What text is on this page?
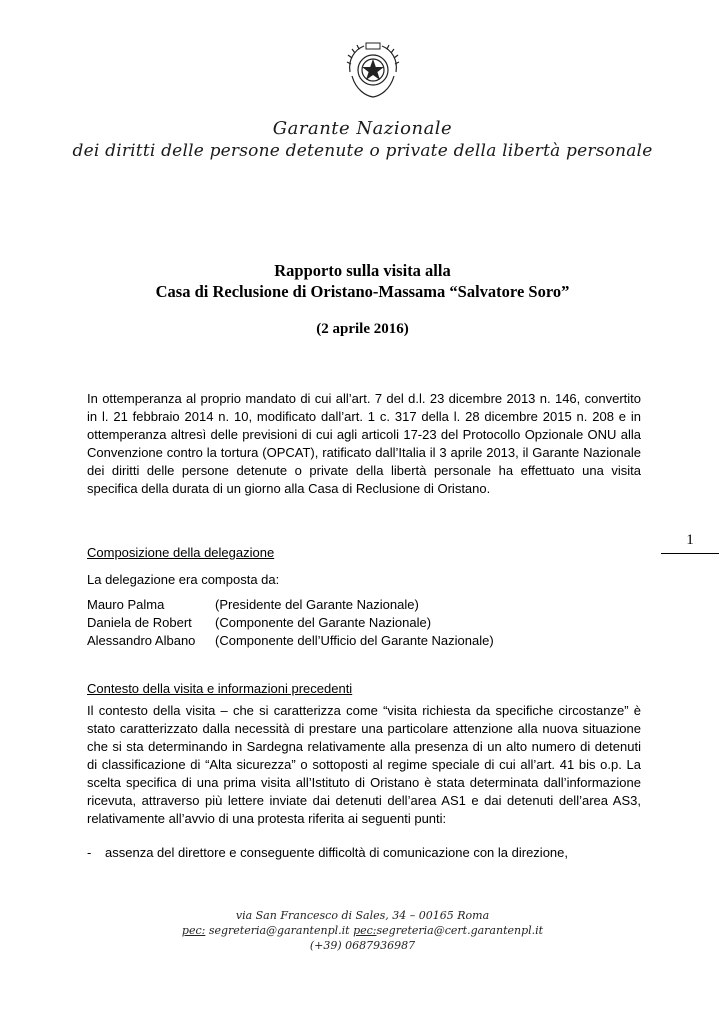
Garante Nazionale
dei diritti delle persone detenute o private della libertà personale
Rapporto sulla visita alla
Casa di Reclusione di Oristano-Massama “Salvatore Soro”
(2 aprile 2016)

In ottemperanza al proprio mandato di cui all’art. 7 del d.l. 23 dicembre 2013 n. 146, convertito in l. 21 febbraio 2014 n. 10, modificato dall’art. 1 c. 317 della l. 28 dicembre 2015 n. 208 e in ottemperanza altresì delle previsioni di cui agli articoli 17-23 del Protocollo Opzionale ONU alla Convenzione contro la tortura (OPCAT), ratificato dall’Italia il 3 aprile 2013, il Garante Nazionale dei diritti delle persone detenute o private della libertà personale ha effettuato una visita specifica della durata di un giorno alla Casa di Reclusione di Oristano.

Composizione della delegazione

La delegazione era composta da:

Mauro Palma	(Presidente del Garante Nazionale)
Daniela de Robert (Componente del Garante Nazionale)
Alessandro Albano (Componente dell’Ufficio del Garante Nazionale)

Contesto della visita e informazioni precedenti

Il contesto della visita – che si caratterizza come “visita richiesta da specifiche circostanze” è stato caratterizzato dalla necessità di prestare una particolare attenzione alla nuova situazione che si sta determinando in Sardegna relativamente alla presenza di un alto numero di detenuti di classificazione di “Alta sicurezza” o sottoposti al regime speciale di cui all’art. 41 bis o.p. La scelta specifica di una prima visita all’Istituto di Oristano è stata determinata dall’informazione ricevuta, attraverso più lettere inviate dai detenuti dell’area AS1 e dai detenuti dell’area AS3, relativamente all’avvio di una protesta riferita ai seguenti punti:

- assenza del direttore e conseguente difficoltà di comunicazione con la direzione,
1
via San Francesco di Sales, 34 – 00165 Roma
pec: segreteria@garantenpl.it pec:segreteria@cert.garantenpl.it
(+39) 0687936987
